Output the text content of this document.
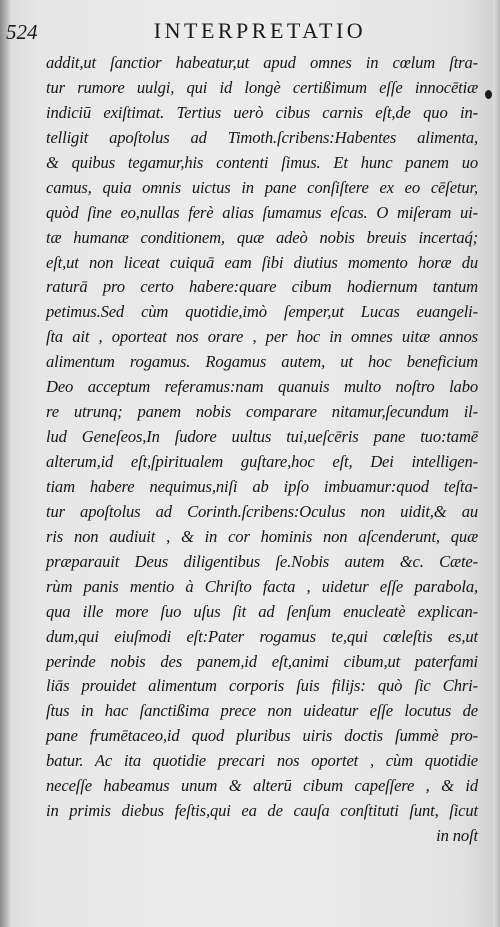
524	INTERPRETATIO
addit,ut ſanctior habeatur,ut apud omnes in cœlum ſtra-
tur rumore uulgi, qui id longè certißimum eſſe innocētiæ
indiciū exiſtimat. Tertius uerò cibus carnis eſt,de quo in-
telligit apoſtolus ad Timoth.ſcribens:Habentes alimenta,
& quibus tegamur,his contenti ſimus. Et hunc panem uo
camus, quia omnis uictus in pane conſiſtere ex eo cēſetur,
quòd ſine eo,nullas ferè alias ſumamus eſcas. O miſeram ui-
tæ humanæ conditionem, quæ adeò nobis breuis incertaq́;
eſt,ut non liceat cuiquā eam ſibi diutius momento horæ du
raturā pro certo habere:quare cibum hodiernum tantum
petimus.Sed cùm quotidie,imò ſemper,ut Lucas euangeli-
ſta ait , oporteat nos orare , per hoc in omnes uitæ annos
alimentum rogamus. Rogamus autem, ut hoc beneficium
Deo acceptum referamus:nam quanuis multo noſtro labo
re utrunq; panem nobis comparare nitamur,ſecundum il-
lud Geneſeos,In ſudore uultus tui,ueſcēris pane tuo:tamē
alterum,id eſt,ſpiritualem guſtare,hoc eſt, Dei intelligen-
tiam habere nequimus,niſi ab ipſo imbuamur:quod teſta-
tur apoſtolus ad Corinth.ſcribens:Oculus non uidit,& au
ris non audiuit , & in cor hominis non aſcenderunt, quæ
præparauit Deus diligentibus ſe.Nobis autem &c. Cæte-
rùm panis mentio à Chriſto facta , uidetur eſſe parabola,
qua ille more ſuo uſus ſit ad ſenſum enucleatè explican-
dum,qui eiuſmodi eſt:Pater rogamus te,qui cœleſtis es,ut
perinde nobis des panem,id eſt,animi cibum,ut paterfami
liās prouidet alimentum corporis ſuis filijs: quò ſic Chri-
ſtus in hac ſanctißima prece non uideatur eſſe locutus de
pane frumētaceo,id quod pluribus uiris doctis ſummè pro-
batur. Ac ita quotidie precari nos oportet , cùm quotidie
neceſſe habeamus unum & alterū cibum capeſſere , & id
in primis diebus feſtis,qui ea de cauſa conſtituti ſunt, ſicut
in noſt
